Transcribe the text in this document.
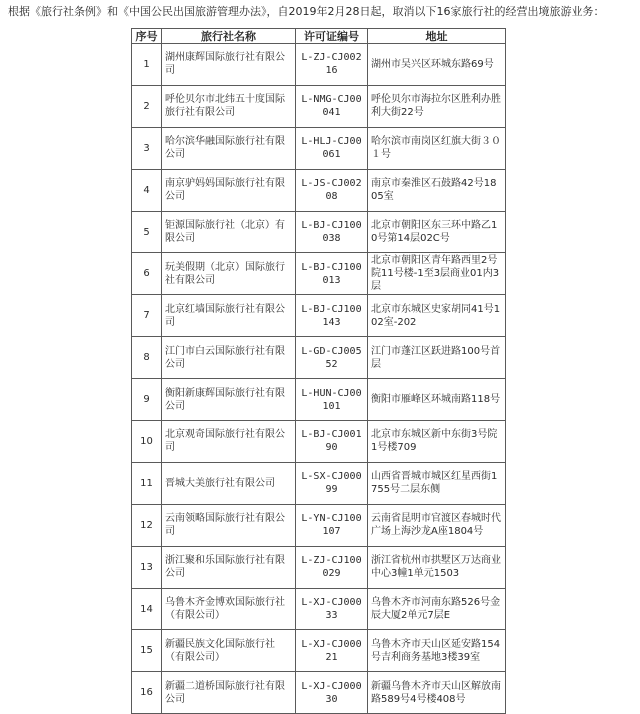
根据《旅行社条例》和《中国公民出国旅游管理办法》，自2019年2月28日起，取消以下16家旅行社的经营出境旅游业务：
序号	旅行社名称	许可证编号	地址
1	湖州康辉国际旅行社有限公司	L-ZJ-CJ00216	湖州市吴兴区环城东路69号
2	呼伦贝尔市北纬五十度国际旅行社有限公司	L-NMG-CJ00041	呼伦贝尔市海拉尔区胜利办胜利大街22号
3	哈尔滨华融国际旅行社有限公司	L-HLJ-CJ00061	哈尔滨市南岗区红旗大街３０１号
4	南京驴妈妈国际旅行社有限公司	L-JS-CJ00208	南京市秦淮区石鼓路42号1805室
5	钜源国际旅行社（北京）有限公司	L-BJ-CJ100038	北京市朝阳区东三环中路乙10号第14层02C号
6	玩美假期（北京）国际旅行社有限公司	L-BJ-CJ100013	北京市朝阳区青年路西里2号院11号楼-1至3层商业01内3层
7	北京红墙国际旅行社有限公司	L-BJ-CJ100143	北京市东城区史家胡同41号102室-202
8	江门市白云国际旅行社有限公司	L-GD-CJ00552	江门市蓬江区跃进路100号首层
9	衡阳新康辉国际旅行社有限公司	L-HUN-CJ00101	衡阳市雁峰区环城南路118号
10	北京观奇国际旅行社有限公司	L-BJ-CJ00190	北京市东城区新中东街3号院1号楼709
11	晋城大美旅行社有限公司	L-SX-CJ00099	山西省晋城市城区红星西街1755号二层东侧
12	云南领略国际旅行社有限公司	L-YN-CJ100107	云南省昆明市官渡区春城时代广场上海沙龙A座1804号
13	浙江聚和乐国际旅行社有限公司	L-ZJ-CJ100029	浙江省杭州市拱墅区万达商业中心3幢1单元1503
14	乌鲁木齐金博欢国际旅行社（有限公司）	L-XJ-CJ00033	乌鲁木齐市河南东路526号金辰大厦2单元7层E
15	新疆民族文化国际旅行社（有限公司）	L-XJ-CJ00021	乌鲁木齐市天山区延安路154号吉利商务基地3楼39室
16	新疆二道桥国际旅行社有限公司	L-XJ-CJ00030	新疆乌鲁木齐市天山区解放南路589号4号楼408号
